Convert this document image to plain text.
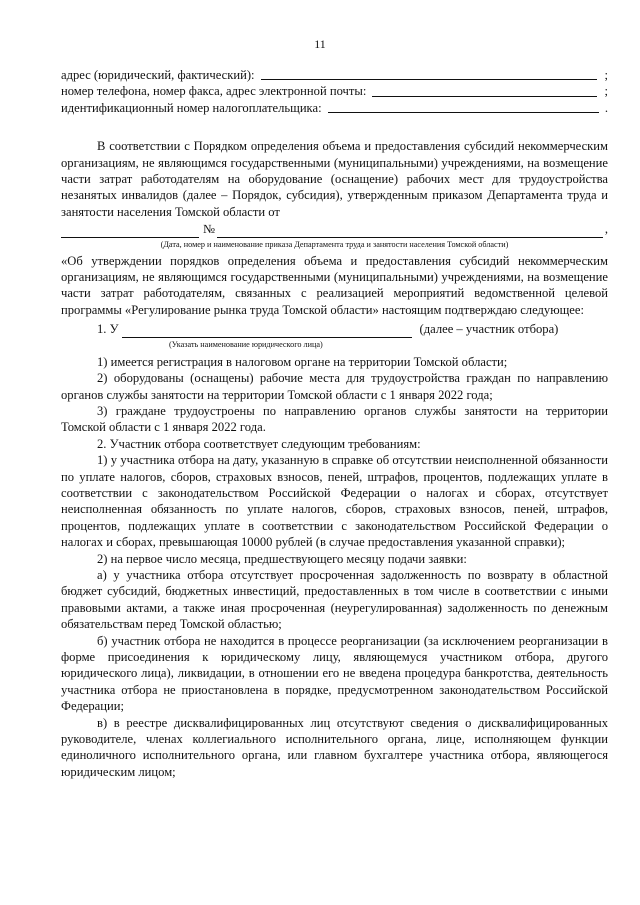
11
адрес (юридический, фактический):	;
номер телефона, номер факса, адрес электронной почты:	;
идентификационный номер налогоплательщика:	.

В соответствии с Порядком определения объема и предоставления субсидий некоммерческим организациям, не являющимся государственными (муниципальными) учреждениями, на возмещение части затрат работодателям на оборудование (оснащение) рабочих мест для трудоустройства незанятых инвалидов (далее – Порядок, субсидия), утвержденным приказом Департамента труда и занятости населения Томской области от

№	,
(Дата, номер и наименование приказа Департамента труда и занятости населения Томской области)

«Об утверждении порядков определения объема и предоставления субсидий некоммерческим организациям, не являющимся государственными (муниципальными) учреждениями, на возмещение части затрат работодателям, связанных с реализацией мероприятий ведомственной целевой программы «Регулирование рынка труда Томской области» настоящим подтверждаю следующее:

1. У	(далее – участник отбора)
(Указать наименование юридического лица)

1) имеется регистрация в налоговом органе на территории Томской области;

2) оборудованы (оснащены) рабочие места для трудоустройства граждан по направлению органов службы занятости на территории Томской области с 1 января 2022 года;

3) граждане трудоустроены по направлению органов службы занятости на территории Томской области с 1 января 2022 года.

2. Участник отбора соответствует следующим требованиям:

1) у участника отбора на дату, указанную в справке об отсутствии неисполненной обязанности по уплате налогов, сборов, страховых взносов, пеней, штрафов, процентов, подлежащих уплате в соответствии с законодательством Российской Федерации о налогах и сборах, отсутствует неисполненная обязанность по уплате налогов, сборов, страховых взносов, пеней, штрафов, процентов, подлежащих уплате в соответствии с законодательством Российской Федерации о налогах и сборах, превышающая 10000 рублей (в случае предоставления указанной справки);

2) на первое число месяца, предшествующего месяцу подачи заявки:

а) у участника отбора отсутствует просроченная задолженность по возврату в областной бюджет субсидий, бюджетных инвестиций, предоставленных в том числе в соответствии с иными правовыми актами, а также иная просроченная (неурегулированная) задолженность по денежным обязательствам перед Томской областью;

б) участник отбора не находится в процессе реорганизации (за исключением реорганизации в форме присоединения к юридическому лицу, являющемуся участником отбора, другого юридического лица), ликвидации, в отношении его не введена процедура банкротства, деятельность участника отбора не приостановлена в порядке, предусмотренном законодательством Российской Федерации;

в) в реестре дисквалифицированных лиц отсутствуют сведения о дисквалифицированных руководителе, членах коллегиального исполнительного органа, лице, исполняющем функции единоличного исполнительного органа, или главном бухгалтере участника отбора, являющегося юридическим лицом;
